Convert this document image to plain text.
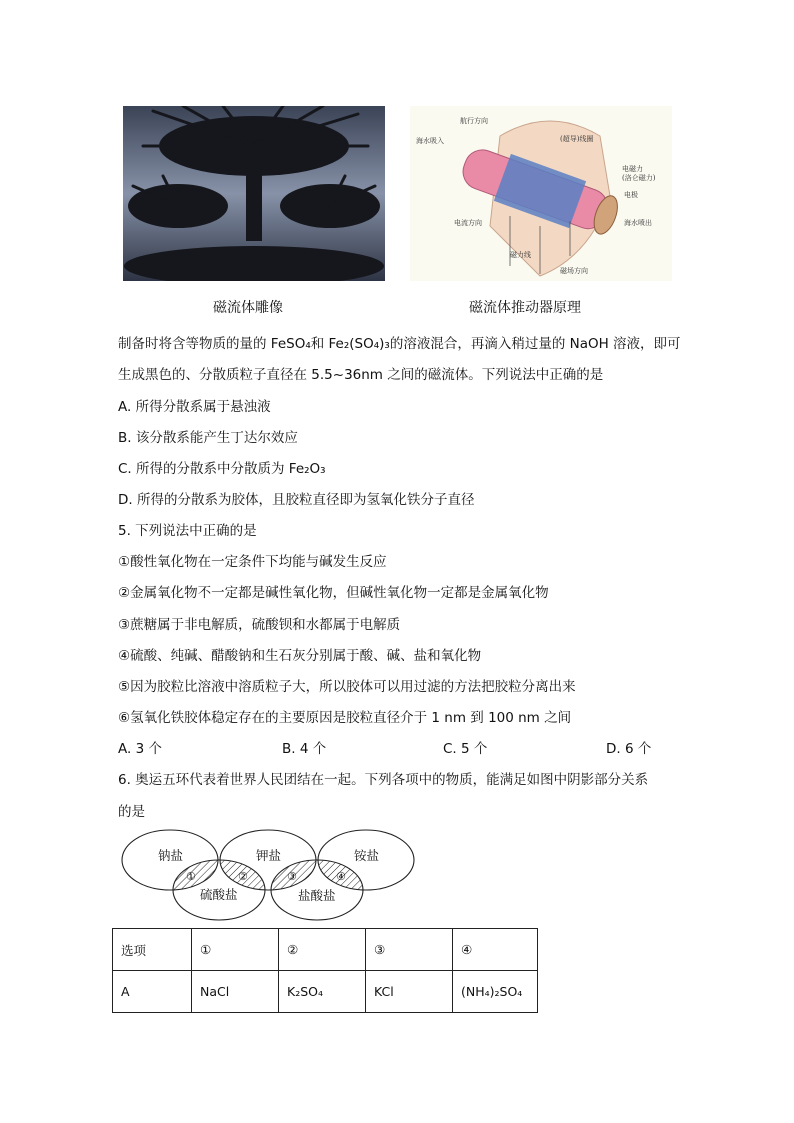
航行方向
海水吸入	(超导)线圈
电磁力
(洛仑磁力)
电极
海水喷出
电流方向
磁力线
磁场方向
磁流体雕像	磁流体推动器原理
制备时将含等物质的量的 FeSO₄和 Fe₂(SO₄)₃的溶液混合，再滴入稍过量的 NaOH 溶液，即可
生成黑色的、分散质粒子直径在 5.5~36nm 之间的磁流体。下列说法中正确的是
A. 所得分散系属于悬浊液
B. 该分散系能产生丁达尔效应
C. 所得的分散系中分散质为 Fe₂O₃
D. 所得的分散系为胶体，且胶粒直径即为氢氧化铁分子直径
5. 下列说法中正确的是
①酸性氧化物在一定条件下均能与碱发生反应
②金属氧化物不一定都是碱性氧化物，但碱性氧化物一定都是金属氧化物
③蔗糖属于非电解质，硫酸钡和水都属于电解质
④硫酸、纯碱、醋酸钠和生石灰分别属于酸、碱、盐和氧化物
⑤因为胶粒比溶液中溶质粒子大，所以胶体可以用过滤的方法把胶粒分离出来
⑥氢氧化铁胶体稳定存在的主要原因是胶粒直径介于 1 nm 到 100 nm 之间
A. 3 个	B. 4 个	C. 5 个	D. 6 个
6. 奥运五环代表着世界人民团结在一起。下列各项中的物质，能满足如图中阴影部分关系
的是
钠盐	钾盐	铵盐
硫酸盐	盐酸盐
①	②	③	④
选项	①	②	③	④
A	NaCl	K₂SO₄	KCl	(NH₄)₂SO₄
